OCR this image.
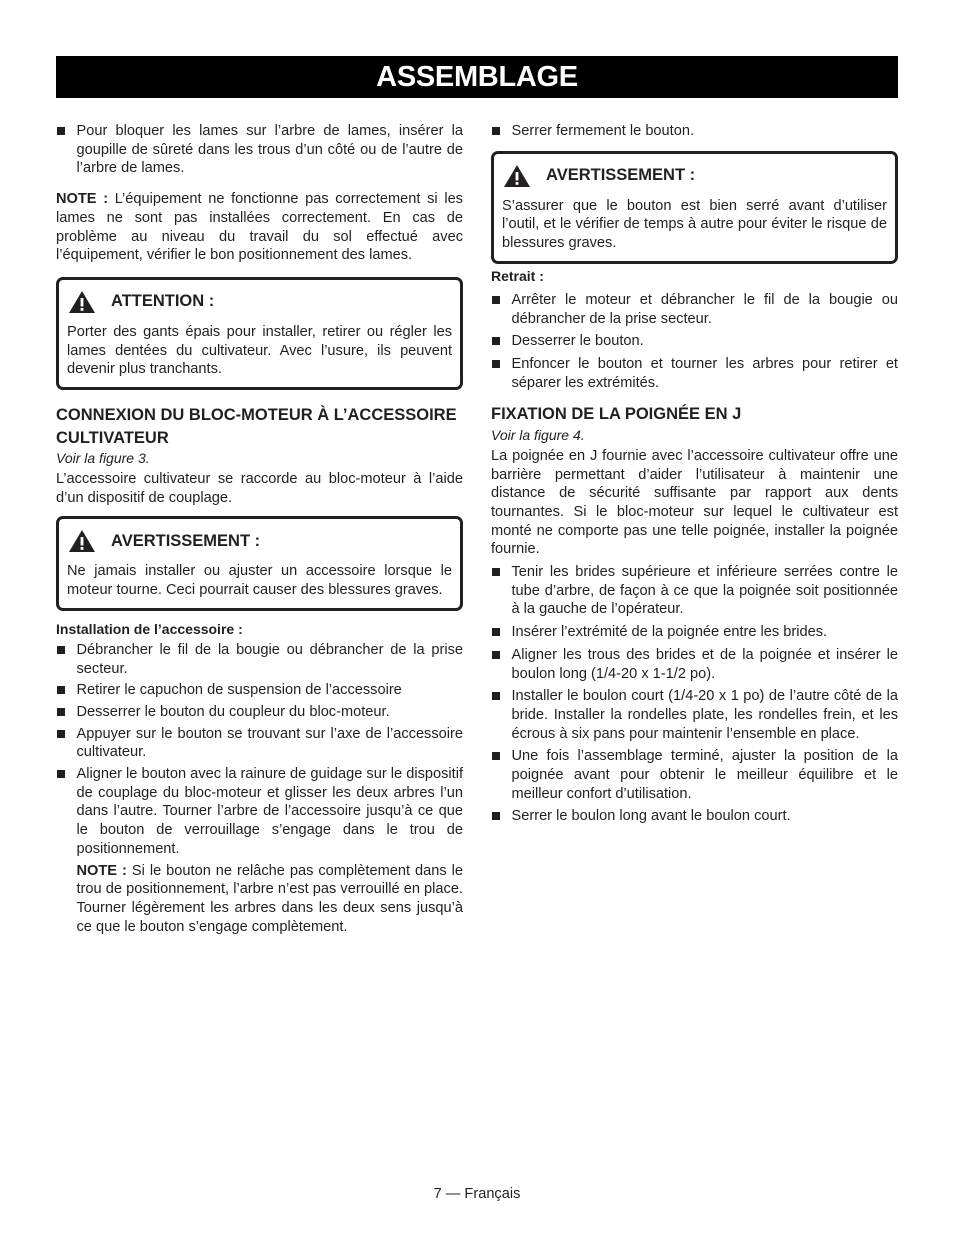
ASSEMBLAGE
Pour bloquer les lames sur l’arbre de lames, insérer la goupille de sûreté dans les trous d’un côté ou de l’autre de l’arbre de lames.

NOTE : L’équipement ne fonctionne pas correctement si les lames ne sont pas installées correctement. En cas de problème au niveau du travail du sol effectué avec l’équipement, vérifier le bon positionnement des lames.

ATTENTION :
Porter des gants épais pour installer, retirer ou régler les lames dentées du cultivateur. Avec l’usure, ils peuvent devenir plus tranchants.
CONNEXION DU BLOC-MOTEUR À L’ACCESSOIRE CULTIVATEUR
Voir la figure 3.

L’accessoire cultivateur se raccorde au bloc-moteur à l’aide d’un dispositif de couplage.

AVERTISSEMENT :
Ne jamais installer ou ajuster un accessoire lorsque le moteur tourne. Ceci pourrait causer des blessures graves.
Installation de l’accessoire :
Débrancher le fil de la bougie ou débrancher de la prise secteur.
Retirer le capuchon de suspension de l’accessoire
Desserrer le bouton du coupleur du bloc-moteur.
Appuyer sur le bouton se trouvant sur l’axe de l’accessoire cultivateur.
Aligner le bouton avec la rainure de guidage sur le dispositif de couplage du bloc-moteur et glisser les deux arbres l’un dans l’autre. Tourner l’arbre de l’accessoire jusqu’à ce que le bouton de verrouillage s’engage dans le trou de positionnement.

NOTE : Si le bouton ne relâche pas complètement dans le trou de positionnement, l’arbre n’est pas verrouillé en place. Tourner légèrement les arbres dans les deux sens jusqu’à ce que le bouton s’engage complètement.

Serrer fermement le bouton.
AVERTISSEMENT :
S’assurer que le bouton est bien serré avant d’utiliser l’outil, et le vérifier de temps à autre pour éviter le risque de blessures graves.
Retrait :
Arrêter le moteur et débrancher le fil de la bougie ou débrancher de la prise secteur.
Desserrer le bouton.
Enfoncer le bouton et tourner les arbres pour retirer et séparer les extrémités.
FIXATION DE LA POIGNÉE EN J
Voir la figure 4.

La poignée en J fournie avec l’accessoire cultivateur offre une barrière permettant d’aider l’utilisateur à maintenir une distance de sécurité suffisante par rapport aux dents tournantes. Si le bloc-moteur sur lequel le cultivateur est monté ne comporte pas une telle poignée, installer la poignée fournie.

Tenir les brides supérieure et inférieure serrées contre le tube d’arbre, de façon à ce que la poignée soit positionnée à la gauche de l’opérateur.
Insérer l’extrémité de la poignée entre les brides.
Aligner les trous des brides et de la poignée et insérer le boulon long (1/4-20 x 1-1/2 po).
Installer le boulon court (1/4-20 x 1 po) de l’autre côté de la bride. Installer la rondelles plate, les rondelles frein, et les écrous à six pans pour maintenir l’ensemble en place.
Une fois l’assemblage terminé, ajuster la position de la poignée avant pour obtenir le meilleur équilibre et le meilleur confort d’utilisation.
Serrer le boulon long avant le boulon court.
7 — Français
